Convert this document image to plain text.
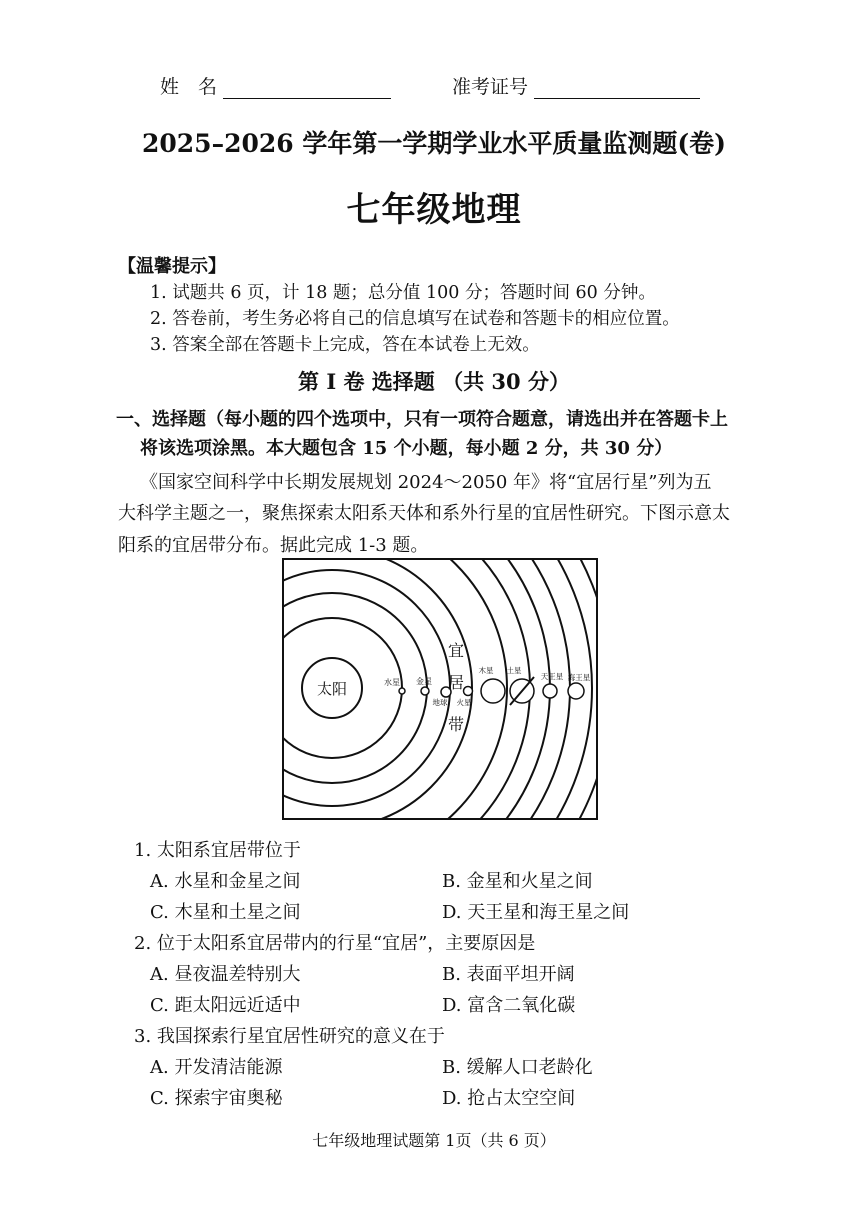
姓　名	准考证号
2025–2026 学年第一学期学业水平质量监测题(卷)
七年级地理
【温馨提示】
1. 试题共 6 页，计 18 题；总分值 100 分；答题时间 60 分钟。
2. 答卷前，考生务必将自己的信息填写在试卷和答题卡的相应位置。
3. 答案全部在答题卡上完成，答在本试卷上无效。
第 I 卷 选择题 （共 30 分）
一、选择题（每小题的四个选项中，只有一项符合题意，请选出并在答题卡上
将该选项涂黑。本大题包含 15 个小题，每小题 2 分，共 30 分）
《国家空间科学中长期发展规划 2024～2050 年》将“宜居行星”列为五
大科学主题之一，聚焦探索太阳系天体和系外行星的宜居性研究。下图示意太
阳系的宜居带分布。据此完成 1-3 题。
太阳
宜
居
带
水星 金星
地球 火星
木星 土星
天王星 海王星
1. 太阳系宜居带位于
A. 水星和金星之间	B. 金星和火星之间
C. 木星和土星之间	D. 天王星和海王星之间
2. 位于太阳系宜居带内的行星“宜居”，主要原因是
A. 昼夜温差特别大	B. 表面平坦开阔
C. 距太阳远近适中	D. 富含二氧化碳
3. 我国探索行星宜居性研究的意义在于
A. 开发清洁能源	B. 缓解人口老龄化
C. 探索宇宙奥秘	D. 抢占太空空间
七年级地理试题第 1页（共 6 页）
